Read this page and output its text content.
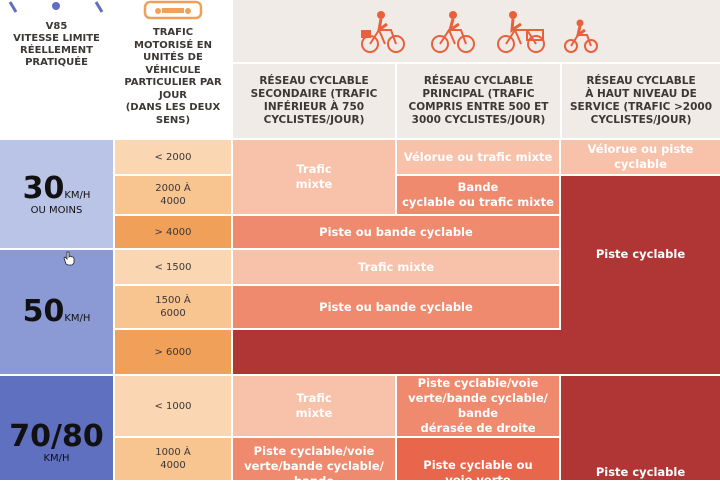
V85
VITESSE LIMITE
RÉELLEMENT
PRATIQUÉE
TRAFIC
MOTORISÉ EN
UNITÉS DE
VÉHICULE
PARTICULIER PAR
JOUR
(DANS LES DEUX
SENS)
RÉSEAU CYCLABLE
SECONDAIRE (TRAFIC
INFÉRIEUR À 750
CYCLISTES/JOUR)
RÉSEAU CYCLABLE
PRINCIPAL (TRAFIC
COMPRIS ENTRE 500 ET
3000 CYCLISTES/JOUR)
RÉSEAU CYCLABLE
À HAUT NIVEAU DE
SERVICE (TRAFIC >2000
CYCLISTES/JOUR)
30KM/H
OU MOINS
50KM/H
70/80
KM/H
< 2000
2000 À
4000
> 4000
< 1500
1500 À
6000
> 6000
< 1000
1000 À
4000
Trafic
mixte
Vélorue ou trafic mixte
Vélorue ou piste
cyclable
Bande
cyclable ou trafic mixte
Piste ou bande cyclable
Piste cyclable
Trafic mixte
Piste ou bande cyclable
Trafic
mixte
Piste cyclable/voie
verte/bande cyclable/
bande
dérasée de droite
Piste cyclable/voie
verte/bande cyclable/
bande
Piste cyclable ou
voie verte
Piste cyclable
